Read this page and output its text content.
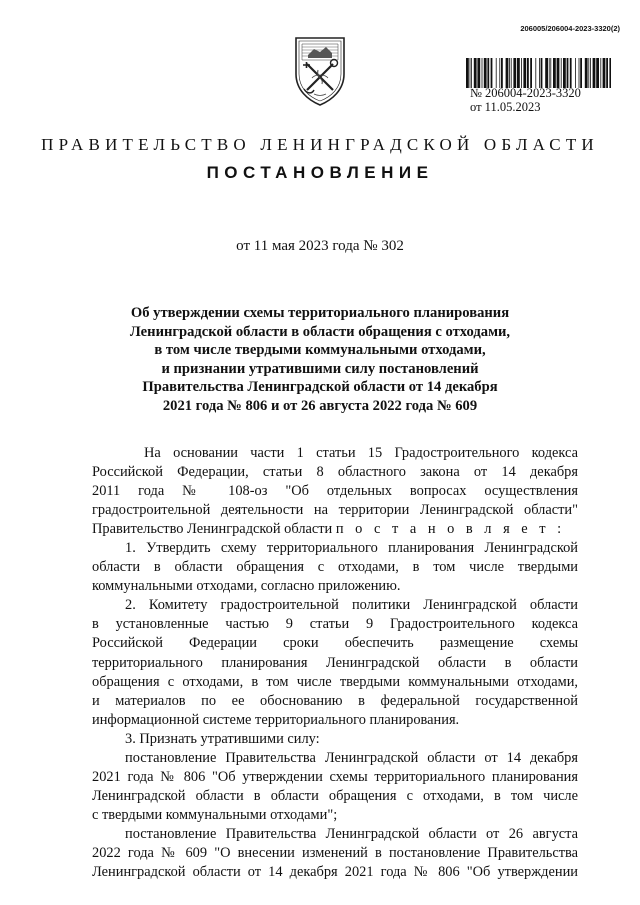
206005/206004-2023-3320(2)
№ 206004-2023-3320
от 11.05.2023
ПРАВИТЕЛЬСТВО ЛЕНИНГРАДСКОЙ ОБЛАСТИ
ПОСТАНОВЛЕНИЕ
от 11 мая 2023 года № 302
Об утверждении схемы территориального планирования
Ленинградской области в области обращения с отходами,
в том числе твердыми коммунальными отходами,
и признании утратившими силу постановлений
Правительства Ленинградской области от 14 декабря
2021 года № 806 и от 26 августа 2022 года № 609
На основании части 1 статьи 15 Градостроительного кодекса
Российской Федерации, статьи 8 областного закона от 14 декабря
2011 года № 108-оз "Об отдельных вопросах осуществления
градостроительной деятельности на территории Ленинградской области"
Правительство Ленинградской области п о с т а н о в л я е т :
1. Утвердить схему территориального планирования Ленинградской
области в области обращения с отходами, в том числе твердыми
коммунальными отходами, согласно приложению.
2. Комитету градостроительной политики Ленинградской области
в установленные частью 9 статьи 9 Градостроительного кодекса
Российской Федерации сроки обеспечить размещение схемы
территориального планирования Ленинградской области в области
обращения с отходами, в том числе твердыми коммунальными отходами,
и материалов по ее обоснованию в федеральной государственной
информационной системе территориального планирования.
3. Признать утратившими силу:
постановление Правительства Ленинградской области от 14 декабря
2021 года № 806 "Об утверждении схемы территориального планирования
Ленинградской области в области обращения с отходами, в том числе
с твердыми коммунальными отходами";
постановление Правительства Ленинградской области от 26 августа
2022 года № 609 "О внесении изменений в постановление Правительства
Ленинградской области от 14 декабря 2021 года № 806 "Об утверждении
